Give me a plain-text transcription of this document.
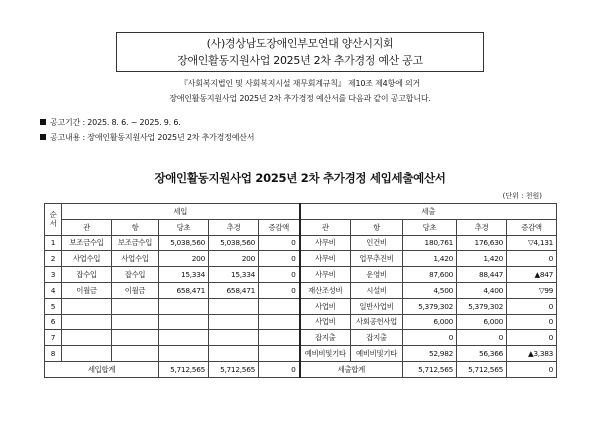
(사)경상남도장애인부모연대 양산시지회
장애인활동지원사업 2025년 2차 추가경정 예산 공고
『사회복지법인 및 사회복지시설 재무회계규칙』 제10조 제4항에 의거
장애인활동지원사업 2025년 2차 추가경정 예산서를 다음과 같이 공고합니다.
공고기간 : 2025. 8. 6. ~ 2025. 9. 6.
공고내용 : 장애인활동지원사업 2025년 2차 추가경정예산서
장애인활동지원사업 2025년 2차 추가경정 세입세출예산서
(단위 : 천원)
순 서	세입					세출				
	관	항	당초	추경	증감액	관	항	당초	추경	증감액
1	보조금수입	보조금수입	5,038,560	5,038,560	0	사무비	인건비	180,761	176,630	▽4,131
2	사업수입	사업수입	200	200	0	사무비	업무추진비	1,420	1,420	0
3	잡수입	잡수입	15,334	15,334	0	사무비	운영비	87,600	88,447	▲847
4	이월금	이월금	658,471	658,471	0	재산조성비	시설비	4,500	4,400	▽99
5						사업비	일반사업비	5,379,302	5,379,302	0
6						사업비	사회공헌사업	6,000	6,000	0
7						잡지출	잡지출	0	0	0
8						예비비및기타	예비비및기타	52,982	56,366	▲3,383
세입합계			5,712,565	5,712,565	0	세출합계		5,712,565	5,712,565	0
